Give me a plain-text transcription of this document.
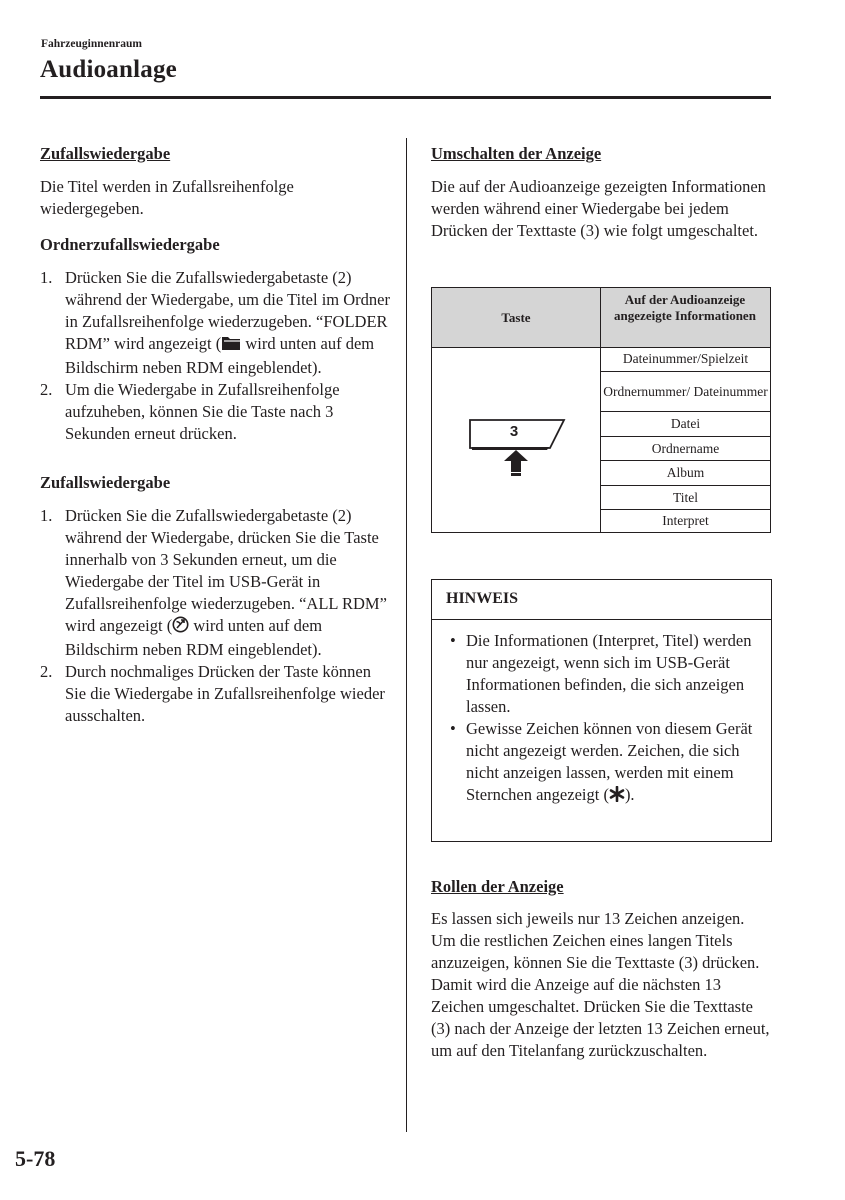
Fahrzeuginnenraum
Audioanlage
Zufallswiedergabe

Die Titel werden in Zufallsreihenfolge wiedergegeben.

Ordnerzufallswiedergabe
1. Drücken Sie die Zufallswiedergabetaste (2) während der Wiedergabe, um die Titel im Ordner in Zufallsreihenfolge wiederzugeben. “FOLDER RDM” wird angezeigt ( wird unten auf dem Bildschirm neben RDM eingeblendet).
2. Um die Wiedergabe in Zufallsreihenfolge aufzuheben, können Sie die Taste nach 3 Sekunden erneut drücken.
Zufallswiedergabe
1. Drücken Sie die Zufallswiedergabetaste (2) während der Wiedergabe, drücken Sie die Taste innerhalb von 3 Sekunden erneut, um die Wiedergabe der Titel im USB-Gerät in Zufallsreihenfolge wiederzugeben. “ALL RDM” wird angezeigt ( wird unten auf dem Bildschirm neben RDM eingeblendet).
2. Durch nochmaliges Drücken der Taste können Sie die Wiedergabe in Zufallsreihenfolge wieder ausschalten.
Umschalten der Anzeige

Die auf der Audioanzeige gezeigten Informationen werden während einer Wiedergabe bei jedem Drücken der Texttaste (3) wie folgt umgeschaltet.

Taste
Auf der Audioanzeige angezeigte Informationen
3
Dateinummer/Spielzeit
Ordnernummer/ Dateinummer
Datei
Ordnername
Album
Titel
Interpret
HINWEIS
• Die Informationen (Interpret, Titel) werden nur angezeigt, wenn sich im USB-Gerät Informationen befinden, die sich anzeigen lassen.
• Gewisse Zeichen können von diesem Gerät nicht angezeigt werden. Zeichen, die sich nicht anzeigen lassen, werden mit einem Sternchen angezeigt ( ).
Rollen der Anzeige

Es lassen sich jeweils nur 13 Zeichen anzeigen. Um die restlichen Zeichen eines langen Titels anzuzeigen, können Sie die Texttaste (3) drücken. Damit wird die Anzeige auf die nächsten 13 Zeichen umgeschaltet. Drücken Sie die Texttaste (3) nach der Anzeige der letzten 13 Zeichen erneut, um auf den Titelanfang zurückzuschalten.

5-78
